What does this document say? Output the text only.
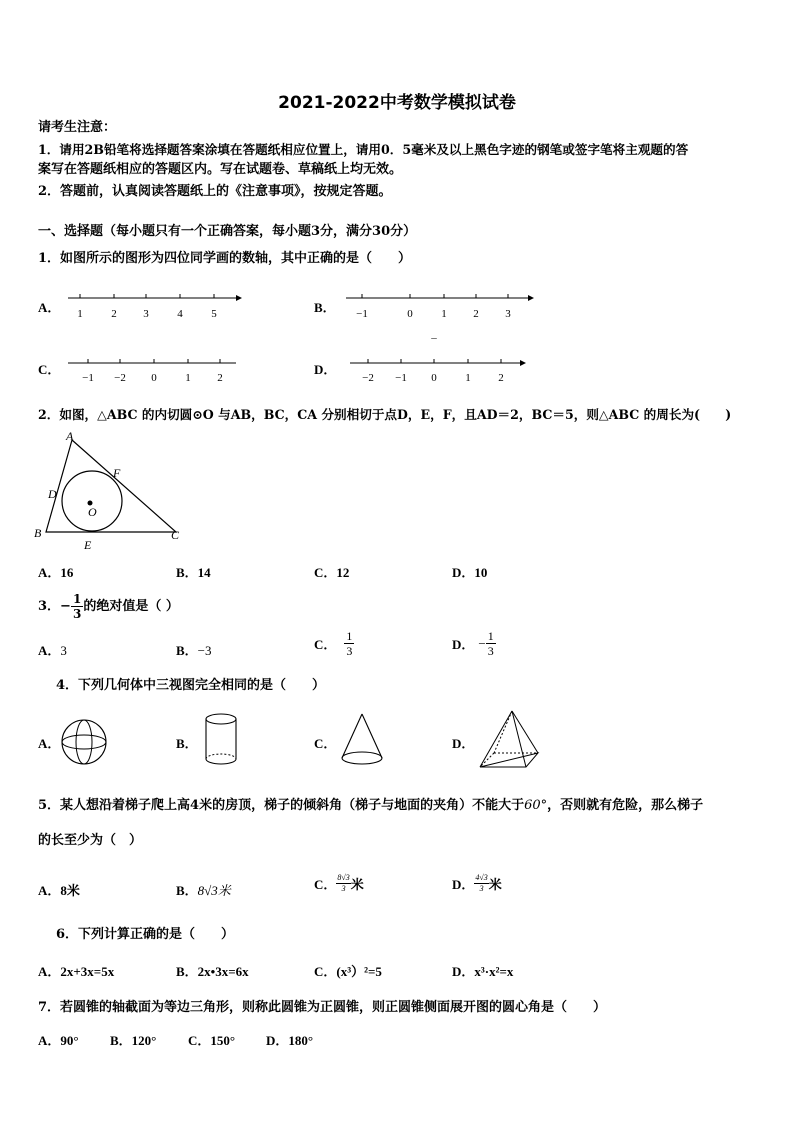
2021-2022中考数学模拟试卷
请考生注意：
1．请用2B铅笔将选择题答案涂填在答题纸相应位置上，请用0．5毫米及以上黑色字迹的钢笔或签字笔将主观题的答
案写在答题纸相应的答题区内。写在试题卷、草稿纸上均无效。
2．答题前，认真阅读答题纸上的《注意事项》，按规定答题。
一、选择题（每小题只有一个正确答案，每小题3分，满分30分）
1．如图所示的图形为四位同学画的数轴，其中正确的是（　　）
A．	B．
C．	D．
1	2 3	4	5	−1	0	1 2 3
–
−1 −2 0	1 2	−2 −1 0	1	2
2．如图，△ABC 的内切圆⊙O 与AB，BC，CA 分别相切于点D，E，F，且AD＝2，BC＝5，则△ABC 的周长为(　　)
A
B	C
D
E
F
O
A．16	B．14	C．12	D．10
3． − $\frac{1}{3}$ 的绝对值是（ ）
A．3	B．−3	C． $\frac{1}{3}$	D． − $\frac{1}{3}$
4．下列几何体中三视图完全相同的是（　　）
A．	B．	C．	D．
5．某人想沿着梯子爬上高4米的房顶，梯子的倾斜角（梯子与地面的夹角）不能大于60°，否则就有危险，那么梯子
的长至少为（　）
A．8米	B．8√3米	C． $\frac{8√3}{3}$ 米	D． $\frac{4√3}{3}$ 米
6．下列计算正确的是（　　）
A．2x+3x=5x	B．2x•3x=6x	C．(x³）²=5	D．x³·x²=x
7．若圆锥的轴截面为等边三角形，则称此圆锥为正圆锥，则正圆锥侧面展开图的圆心角是（　　）
A．90° B．120° C．150° D．180°
